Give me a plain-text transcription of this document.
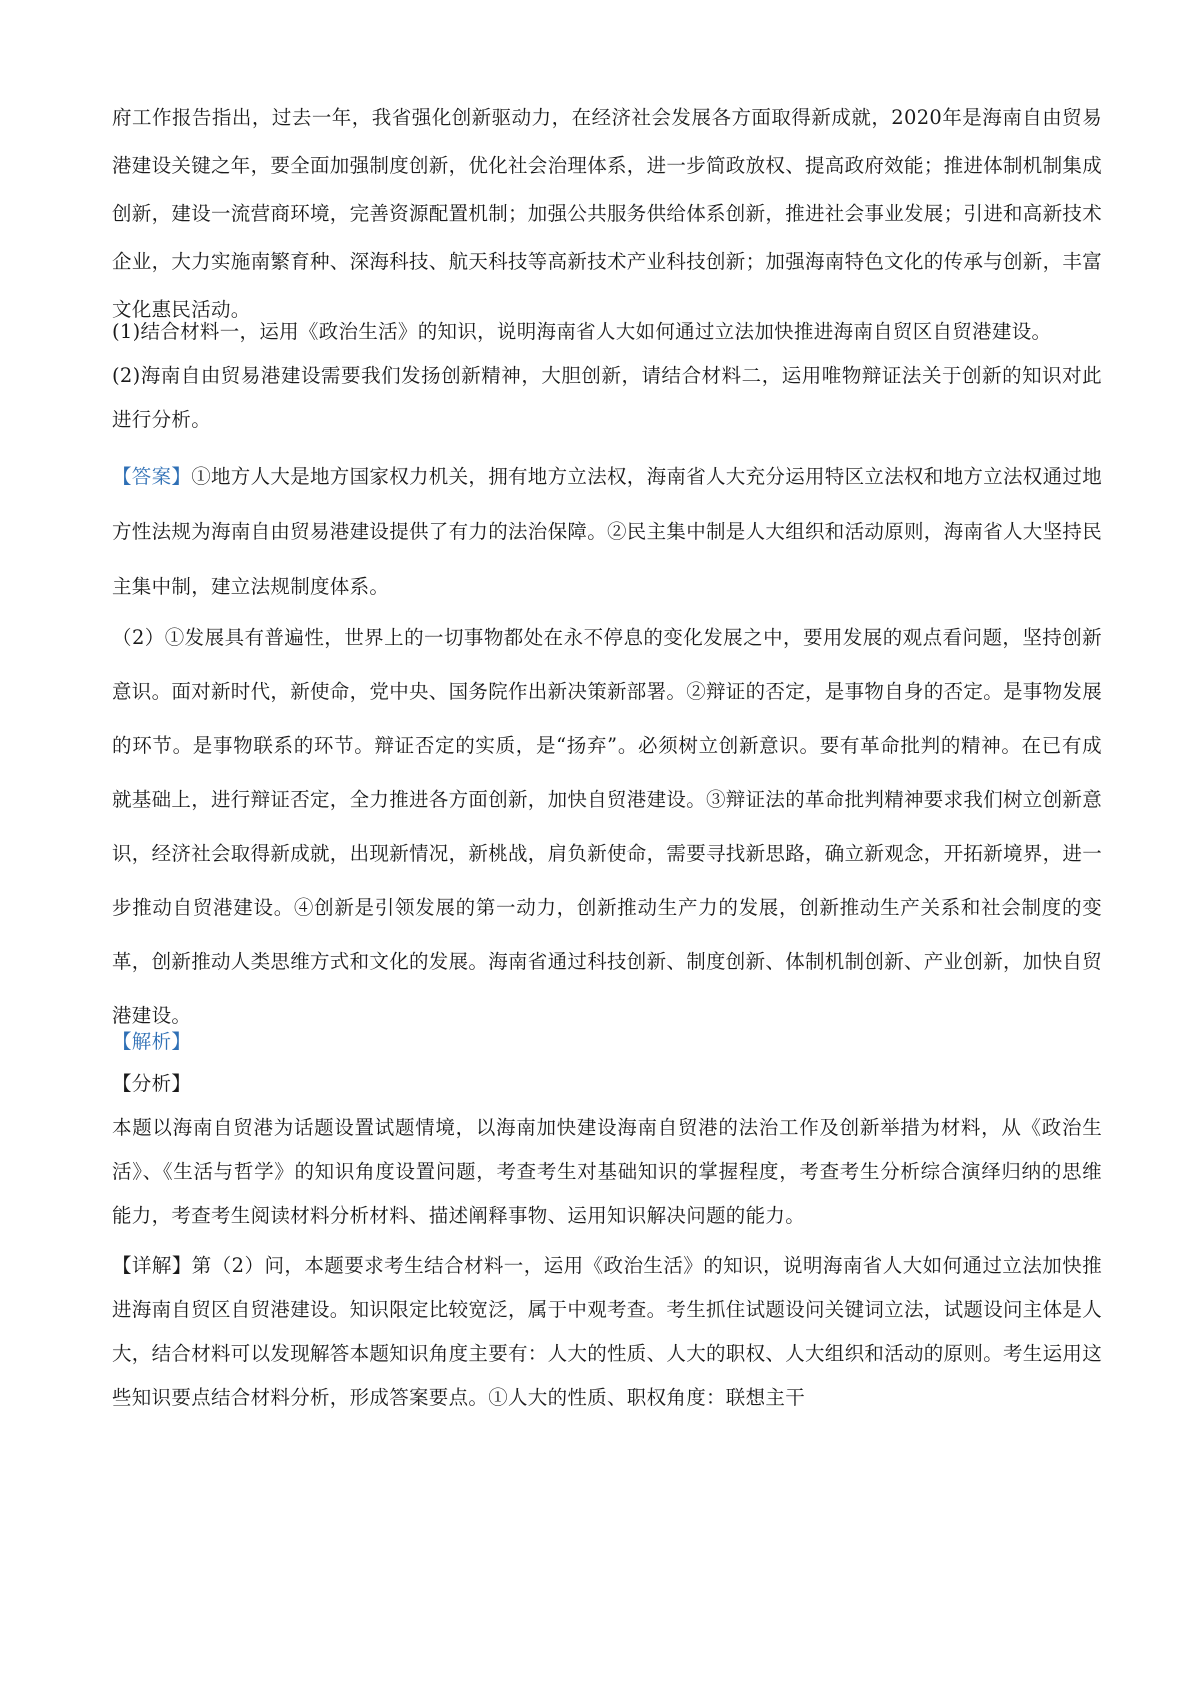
府工作报告指出，过去一年，我省强化创新驱动力，在经济社会发展各方面取得新成就，2020年是海南自由贸易港建设关键之年，要全面加强制度创新，优化社会治理体系，进一步简政放权、提高政府效能；推进体制机制集成创新，建设一流营商环境，完善资源配置机制；加强公共服务供给体系创新，推进社会事业发展；引进和高新技术企业，大力实施南繁育种、深海科技、航天科技等高新技术产业科技创新；加强海南特色文化的传承与创新，丰富文化惠民活动。

(1)结合材料一，运用《政治生活》的知识，说明海南省人大如何通过立法加快推进海南自贸区自贸港建设。

(2)海南自由贸易港建设需要我们发扬创新精神，大胆创新，请结合材料二，运用唯物辩证法关于创新的知识对此进行分析。

【答案】①地方人大是地方国家权力机关，拥有地方立法权，海南省人大充分运用特区立法权和地方立法权通过地方性法规为海南自由贸易港建设提供了有力的法治保障。②民主集中制是人大组织和活动原则，海南省人大坚持民主集中制，建立法规制度体系。

（2）①发展具有普遍性，世界上的一切事物都处在永不停息的变化发展之中，要用发展的观点看问题，坚持创新意识。面对新时代，新使命，党中央、国务院作出新决策新部署。②辩证的否定，是事物自身的否定。是事物发展的环节。是事物联系的环节。辩证否定的实质，是“扬弃”。必须树立创新意识。要有革命批判的精神。在已有成就基础上，进行辩证否定，全力推进各方面创新，加快自贸港建设。③辩证法的革命批判精神要求我们树立创新意识，经济社会取得新成就，出现新情况，新桃战，肩负新使命，需要寻找新思路，确立新观念，开拓新境界，进一步推动自贸港建设。④创新是引领发展的第一动力，创新推动生产力的发展，创新推动生产关系和社会制度的变革，创新推动人类思维方式和文化的发展。海南省通过科技创新、制度创新、体制机制创新、产业创新，加快自贸港建设。

【解析】

【分析】

本题以海南自贸港为话题设置试题情境，以海南加快建设海南自贸港的法治工作及创新举措为材料，从《政治生活》、《生活与哲学》的知识角度设置问题，考查考生对基础知识的掌握程度，考查考生分析综合演绎归纳的思维能力，考查考生阅读材料分析材料、描述阐释事物、运用知识解决问题的能力。

【详解】第（2）问，本题要求考生结合材料一，运用《政治生活》的知识，说明海南省人大如何通过立法加快推进海南自贸区自贸港建设。知识限定比较宽泛，属于中观考查。考生抓住试题设问关键词立法，试题设问主体是人大，结合材料可以发现解答本题知识角度主要有：人大的性质、人大的职权、人大组织和活动的原则。考生运用这些知识要点结合材料分析，形成答案要点。①人大的性质、职权角度：联想主干
